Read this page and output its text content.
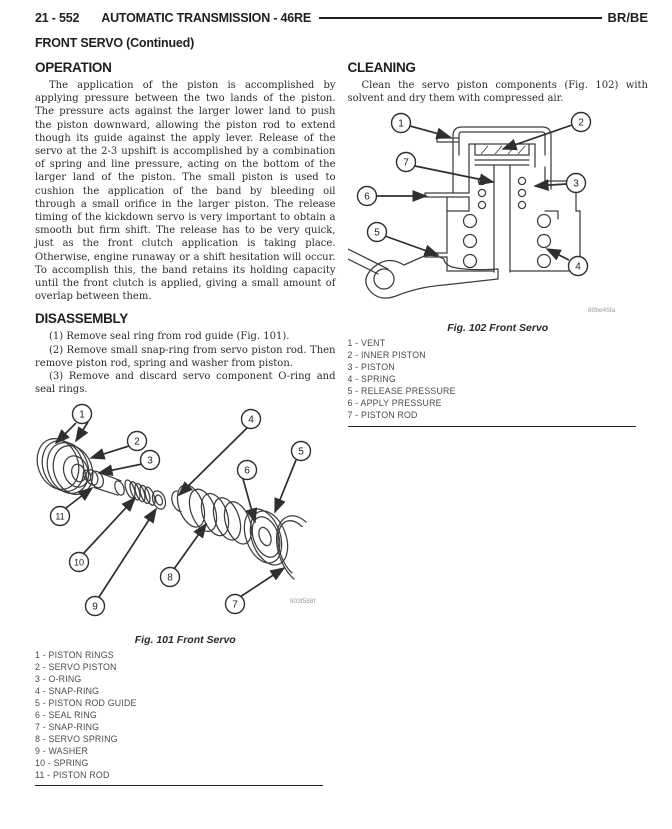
21 - 552 AUTOMATIC TRANSMISSION - 46RE	BR/BE
FRONT SERVO (Continued)
OPERATION

The application of the piston is accomplished by applying pressure between the two lands of the piston. The pressure acts against the larger lower land to push the piston downward, allowing the piston rod to extend though its guide against the apply lever. Release of the servo at the 2-3 upshift is accomplished by a combination of spring and line pressure, acting on the bottom of the larger land of the piston. The small piston is used to cushion the application of the band by bleeding oil through a small orifice in the larger piston. The release timing of the kickdown servo is very important to obtain a smooth but firm shift. The release has to be very quick, just as the front clutch application is taking place. Otherwise, engine runaway or a shift hesitation will occur. To accomplish this, the band retains its holding capacity until the front clutch is applied, giving a small amount of overlap between them.

DISASSEMBLY

(1) Remove seal ring from rod guide (Fig. 101).

(2) Remove small snap-ring from servo piston rod. Then remove piston rod, spring and washer from piston.

(3) Remove and discard servo component O-ring and seal rings.

1
2
3
4
5
6
7
8
9
10
11
803f588f
Fig. 101 Front Servo
1 - PISTON RINGS
2 - SERVO PISTON
3 - O-RING
4 - SNAP-RING
5 - PISTON ROD GUIDE
6 - SEAL RING
7 - SNAP-RING
8 - SERVO SPRING
9 - WASHER
10 - SPRING
11 - PISTON ROD
CLEANING

Clean the servo piston components (Fig. 102) with solvent and dry them with compressed air.

1	2
3
4
5
6
7
80be45fa
Fig. 102 Front Servo
1 - VENT
2 - INNER PISTON
3 - PISTON
4 - SPRING
5 - RELEASE PRESSURE
6 - APPLY PRESSURE
7 - PISTON ROD
